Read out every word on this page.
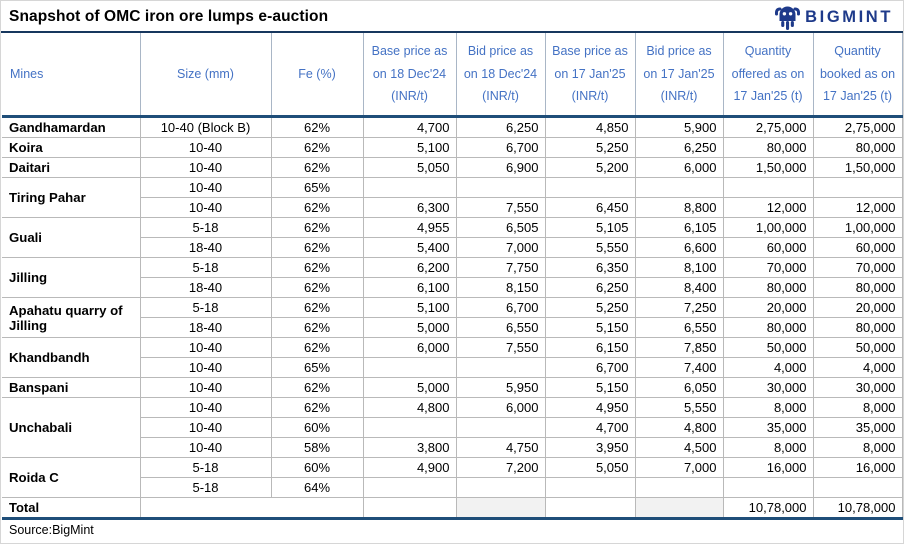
Snapshot of OMC iron ore lumps e-auction	BIGMINT
Mines	Size (mm)	Fe (%)	Base price as on 18 Dec'24 (INR/t)	Bid price as on 18 Dec'24 (INR/t)	Base price as on 17 Jan'25 (INR/t)	Bid price as on 17 Jan'25 (INR/t)	Quantity offered as on 17 Jan'25 (t)	Quantity booked as on 17 Jan'25 (t)
Gandhamardan	10-40 (Block B)	62%	4,700	6,250	4,850	5,900	2,75,000	2,75,000
Koira	10-40	62%	5,100	6,700	5,250	6,250	80,000	80,000
Daitari	10-40	62%	5,050	6,900	5,200	6,000	1,50,000	1,50,000
Tiring Pahar	10-40	65%						
	10-40	62%	6,300	7,550	6,450	8,800	12,000	12,000
Guali	5-18	62%	4,955	6,505	5,105	6,105	1,00,000	1,00,000
	18-40	62%	5,400	7,000	5,550	6,600	60,000	60,000
Jilling	5-18	62%	6,200	7,750	6,350	8,100	70,000	70,000
	18-40	62%	6,100	8,150	6,250	8,400	80,000	80,000
Apahatu quarry of Jilling	5-18	62%	5,100	6,700	5,250	7,250	20,000	20,000
	18-40	62%	5,000	6,550	5,150	6,550	80,000	80,000
Khandbandh	10-40	62%	6,000	7,550	6,150	7,850	50,000	50,000
	10-40	65%			6,700	7,400	4,000	4,000
Banspani	10-40	62%	5,000	5,950	5,150	6,050	30,000	30,000
Unchabali	10-40	62%	4,800	6,000	4,950	5,550	8,000	8,000
	10-40	60%			4,700	4,800	35,000	35,000
	10-40	58%	3,800	4,750	3,950	4,500	8,000	8,000
Roida C	5-18	60%	4,900	7,200	5,050	7,000	16,000	16,000
	5-18	64%						
Total							10,78,000	10,78,000
Source:BigMint
